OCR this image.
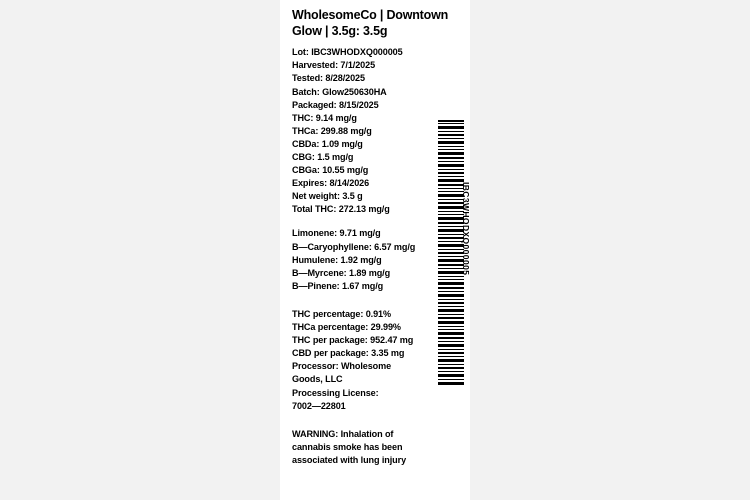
WholesomeCo | Downtown Glow | 3.5g: 3.5g
Lot: IBC3WHODXQ000005
Harvested: 7/1/2025
Tested: 8/28/2025
Batch: Glow250630HA
Packaged: 8/15/2025
THC: 9.14 mg/g
THCa: 299.88 mg/g
CBDa: 1.09 mg/g
CBG: 1.5 mg/g
CBGa: 10.55 mg/g
Expires: 8/14/2026
Net weight: 3.5 g
Total THC: 272.13 mg/g
Limonene: 9.71 mg/g
B—Caryophyllene: 6.57 mg/g
Humulene: 1.92 mg/g
B—Myrcene: 1.89 mg/g
B—Pinene: 1.67 mg/g
THC percentage: 0.91%
THCa percentage: 29.99%
THC per package: 952.47 mg
CBD per package: 3.35 mg
Processor: Wholesome
Goods, LLC
Processing License:
7002—22801
WARNING: Inhalation of cannabis smoke has been associated with lung injury
IBC3WHODXQ000005
